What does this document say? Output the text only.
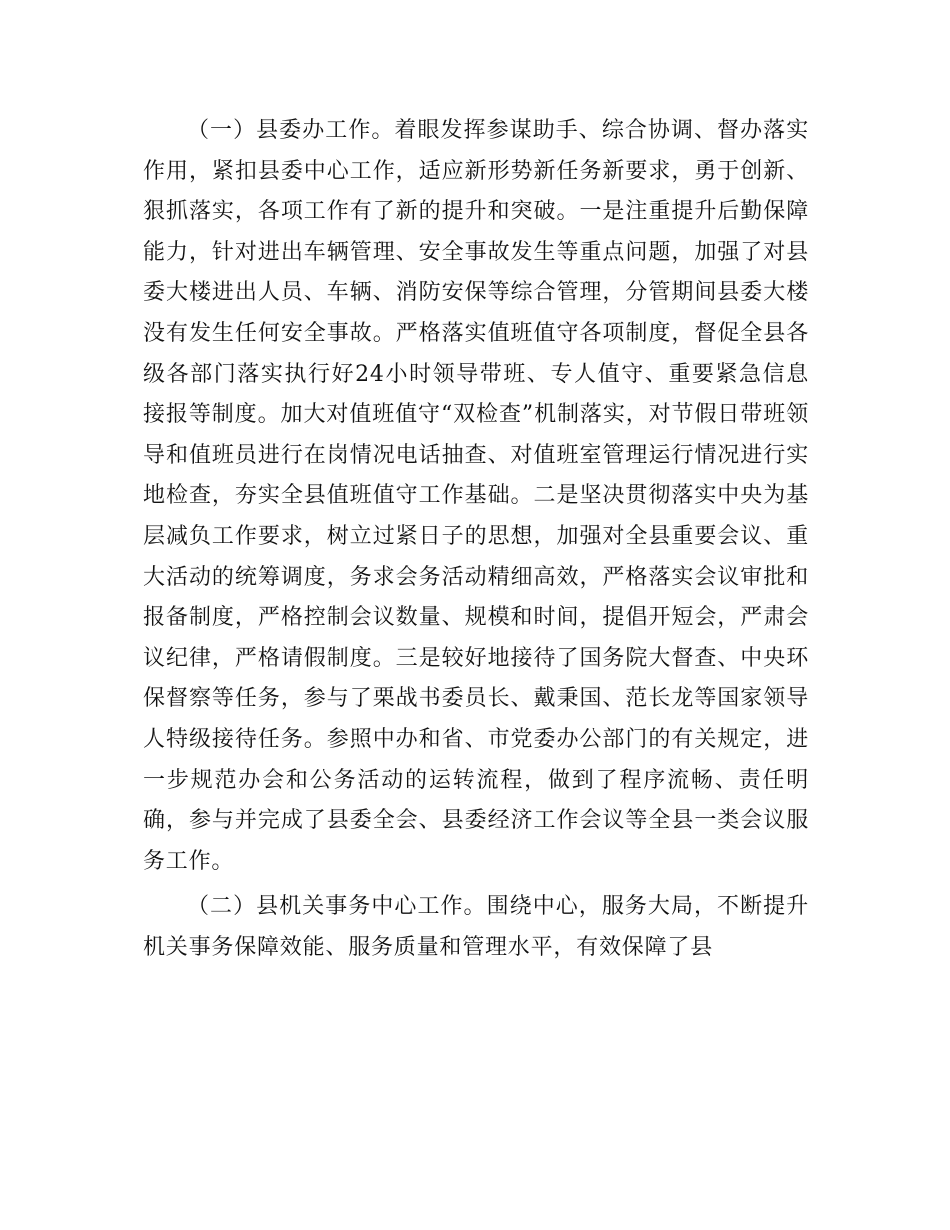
（一）县委办工作。着眼发挥参谋助手、综合协调、督办落实作用，紧扣县委中心工作，适应新形势新任务新要求，勇于创新、狠抓落实，各项工作有了新的提升和突破。一是注重提升后勤保障能力，针对进出车辆管理、安全事故发生等重点问题，加强了对县委大楼进出人员、车辆、消防安保等综合管理，分管期间县委大楼没有发生任何安全事故。严格落实值班值守各项制度，督促全县各级各部门落实执行好24小时领导带班、专人值守、重要紧急信息接报等制度。加大对值班值守“双检查”机制落实，对节假日带班领导和值班员进行在岗情况电话抽查、对值班室管理运行情况进行实地检查，夯实全县值班值守工作基础。二是坚决贯彻落实中央为基层减负工作要求，树立过紧日子的思想，加强对全县重要会议、重大活动的统筹调度，务求会务活动精细高效，严格落实会议审批和报备制度，严格控制会议数量、规模和时间，提倡开短会，严肃会议纪律，严格请假制度。三是较好地接待了国务院大督查、中央环保督察等任务，参与了栗战书委员长、戴秉国、范长龙等国家领导人特级接待任务。参照中办和省、市党委办公部门的有关规定，进一步规范办会和公务活动的运转流程，做到了程序流畅、责任明确，参与并完成了县委全会、县委经济工作会议等全县一类会议服务工作。

（二）县机关事务中心工作。围绕中心，服务大局，不断提升机关事务保障效能、服务质量和管理水平，有效保障了县
